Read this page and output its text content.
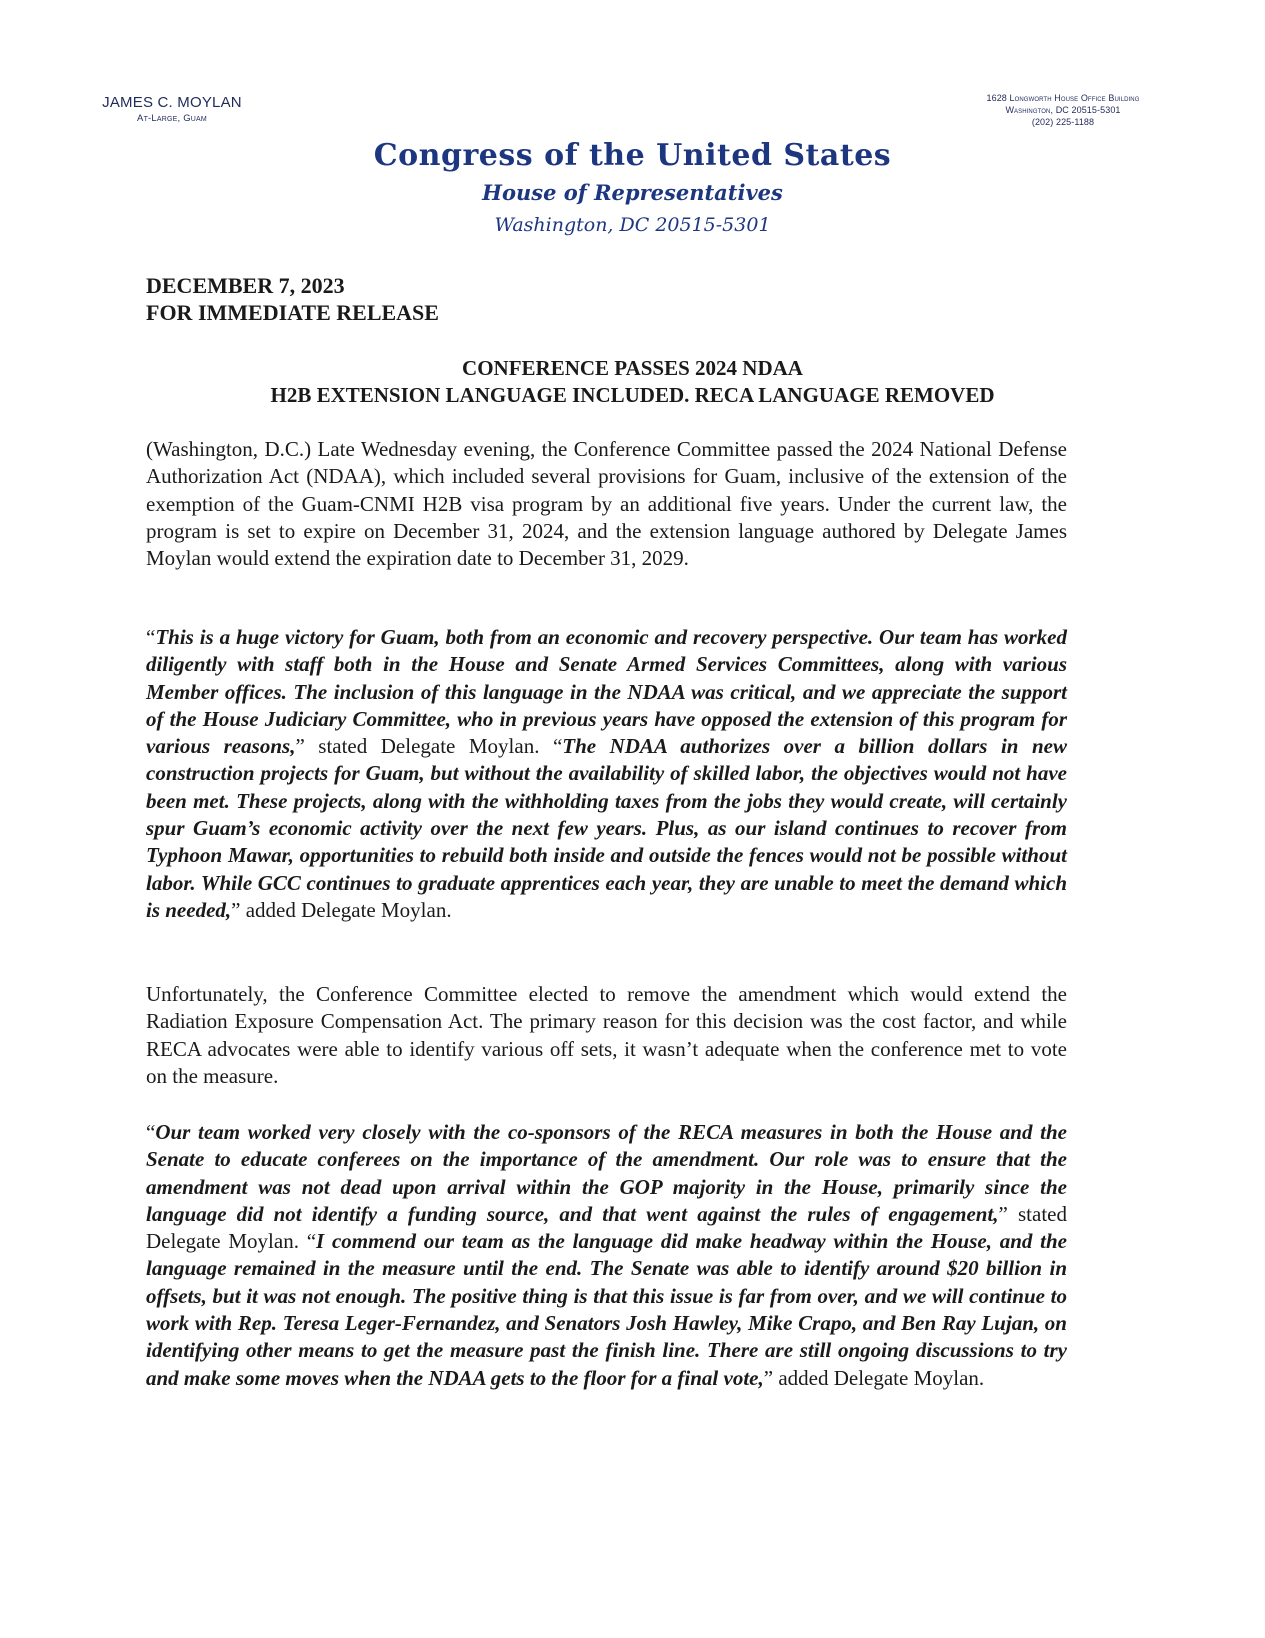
JAMES C. MOYLAN
At-Large, Guam
1628 Longworth House Office Building
Washington, DC 20515-5301
(202) 225-1188
Congress of the United States
House of Representatives
Washington, DC 20515-5301
DECEMBER 7, 2023
FOR IMMEDIATE RELEASE
CONFERENCE PASSES 2024 NDAA
H2B EXTENSION LANGUAGE INCLUDED. RECA LANGUAGE REMOVED

(Washington, D.C.) Late Wednesday evening, the Conference Committee passed the 2024 National Defense Authorization Act (NDAA), which included several provisions for Guam, inclusive of the extension of the exemption of the Guam-CNMI H2B visa program by an additional five years. Under the current law, the program is set to expire on December 31, 2024, and the extension language authored by Delegate James Moylan would extend the expiration date to December 31, 2029.

“This is a huge victory for Guam, both from an economic and recovery perspective. Our team has worked diligently with staff both in the House and Senate Armed Services Committees, along with various Member offices. The inclusion of this language in the NDAA was critical, and we appreciate the support of the House Judiciary Committee, who in previous years have opposed the extension of this program for various reasons,” stated Delegate Moylan. “The NDAA authorizes over a billion dollars in new construction projects for Guam, but without the availability of skilled labor, the objectives would not have been met. These projects, along with the withholding taxes from the jobs they would create, will certainly spur Guam’s economic activity over the next few years. Plus, as our island continues to recover from Typhoon Mawar, opportunities to rebuild both inside and outside the fences would not be possible without labor. While GCC continues to graduate apprentices each year, they are unable to meet the demand which is needed,” added Delegate Moylan.

Unfortunately, the Conference Committee elected to remove the amendment which would extend the Radiation Exposure Compensation Act. The primary reason for this decision was the cost factor, and while RECA advocates were able to identify various off sets, it wasn’t adequate when the conference met to vote on the measure.

“Our team worked very closely with the co-sponsors of the RECA measures in both the House and the Senate to educate conferees on the importance of the amendment. Our role was to ensure that the amendment was not dead upon arrival within the GOP majority in the House, primarily since the language did not identify a funding source, and that went against the rules of engagement,” stated Delegate Moylan. “I commend our team as the language did make headway within the House, and the language remained in the measure until the end. The Senate was able to identify around $20 billion in offsets, but it was not enough. The positive thing is that this issue is far from over, and we will continue to work with Rep. Teresa Leger-Fernandez, and Senators Josh Hawley, Mike Crapo, and Ben Ray Lujan, on identifying other means to get the measure past the finish line. There are still ongoing discussions to try and make some moves when the NDAA gets to the floor for a final vote,” added Delegate Moylan.
